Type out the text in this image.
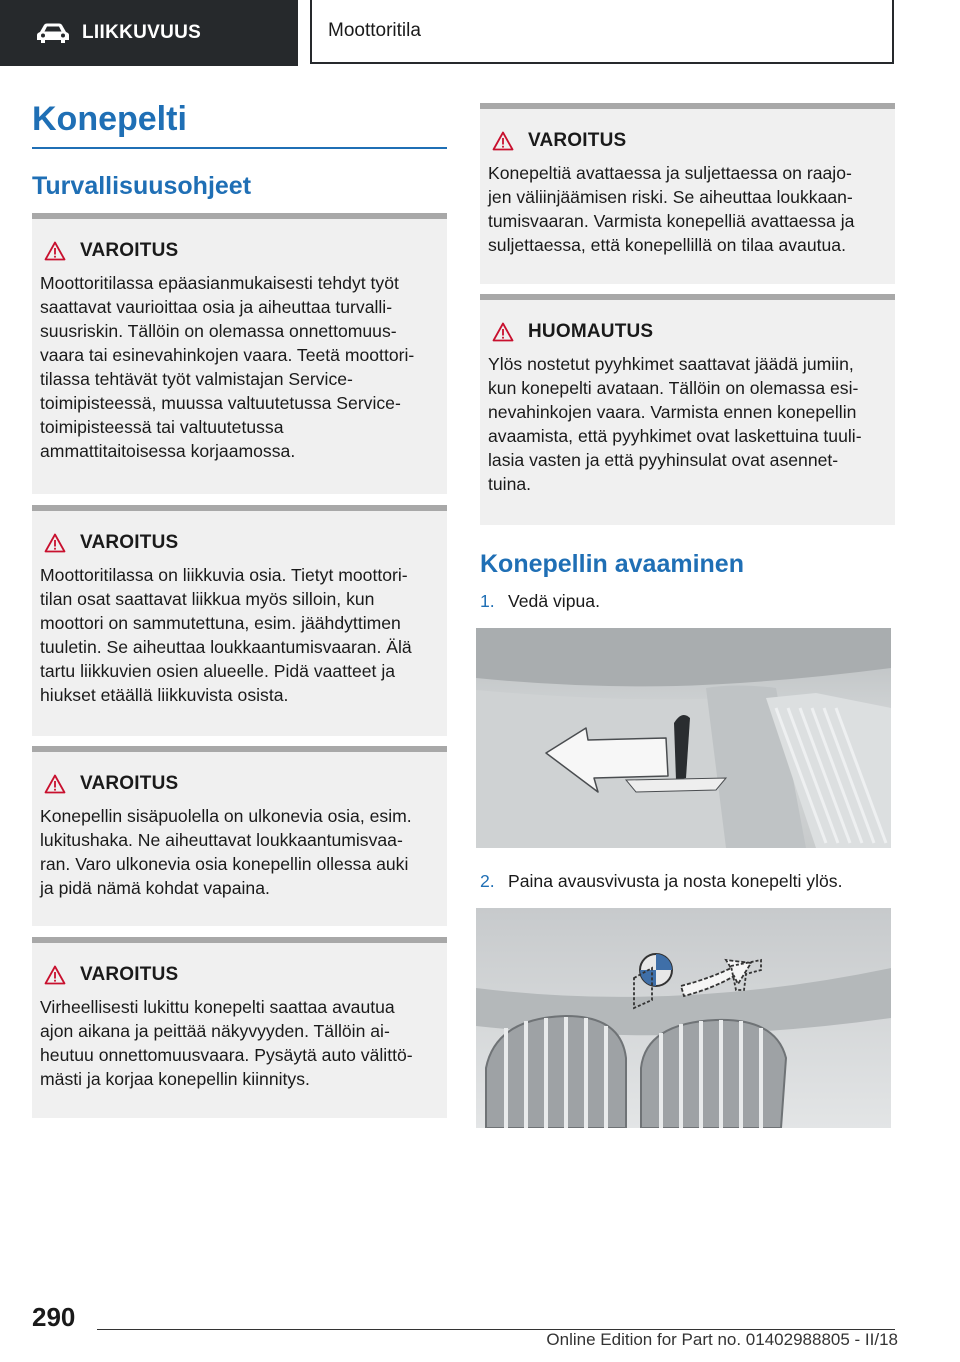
LIIKKUVUUS	Moottoritila
Konepelti
Turvallisuusohjeet
VAROITUS

Moottoritilassa epäasianmukaisesti tehdyt työt
saattavat vaurioittaa osia ja aiheuttaa turvalli-
suusriskin. Tällöin on olemassa onnettomuus-
vaara tai esinevahinkojen vaara. Teetä moottori-
tilassa tehtävät työt valmistajan Service-
toimipisteessä, muussa valtuutetussa Service-
toimipisteessä tai valtuutetussa
ammattitaitoisessa korjaamossa.

VAROITUS

Moottoritilassa on liikkuvia osia. Tietyt moottori-
tilan osat saattavat liikkua myös silloin, kun
moottori on sammutettuna, esim. jäähdyttimen
tuuletin. Se aiheuttaa loukkaantumisvaaran. Älä
tartu liikkuvien osien alueelle. Pidä vaatteet ja
hiukset etäällä liikkuvista osista.

VAROITUS

Konepellin sisäpuolella on ulkonevia osia, esim.
lukitushaka. Ne aiheuttavat loukkaantumisvaa-
ran. Varo ulkonevia osia konepellin ollessa auki
ja pidä nämä kohdat vapaina.

VAROITUS

Virheellisesti lukittu konepelti saattaa avautua
ajon aikana ja peittää näkyvyyden. Tällöin ai-
heutuu onnettomuusvaara. Pysäytä auto välittö-
mästi ja korjaa konepellin kiinnitys.

VAROITUS

Konepeltiä avattaessa ja suljettaessa on raajo-
jen väliinjäämisen riski. Se aiheuttaa loukkaan-
tumisvaaran. Varmista konepelliä avattaessa ja
suljettaessa, että konepellillä on tilaa avautua.

HUOMAUTUS

Ylös nostetut pyyhkimet saattavat jäädä jumiin,
kun konepelti avataan. Tällöin on olemassa esi-
nevahinkojen vaara. Varmista ennen konepellin
avaamista, että pyyhkimet ovat laskettuina tuuli-
lasia vasten ja että pyyhinsulat ovat asennet-
tuina.

Konepellin avaaminen
1. Vedä vipua.
2. Paina avausvivusta ja nosta konepelti ylös.
290
Online Edition for Part no. 01402988805 - II/18
